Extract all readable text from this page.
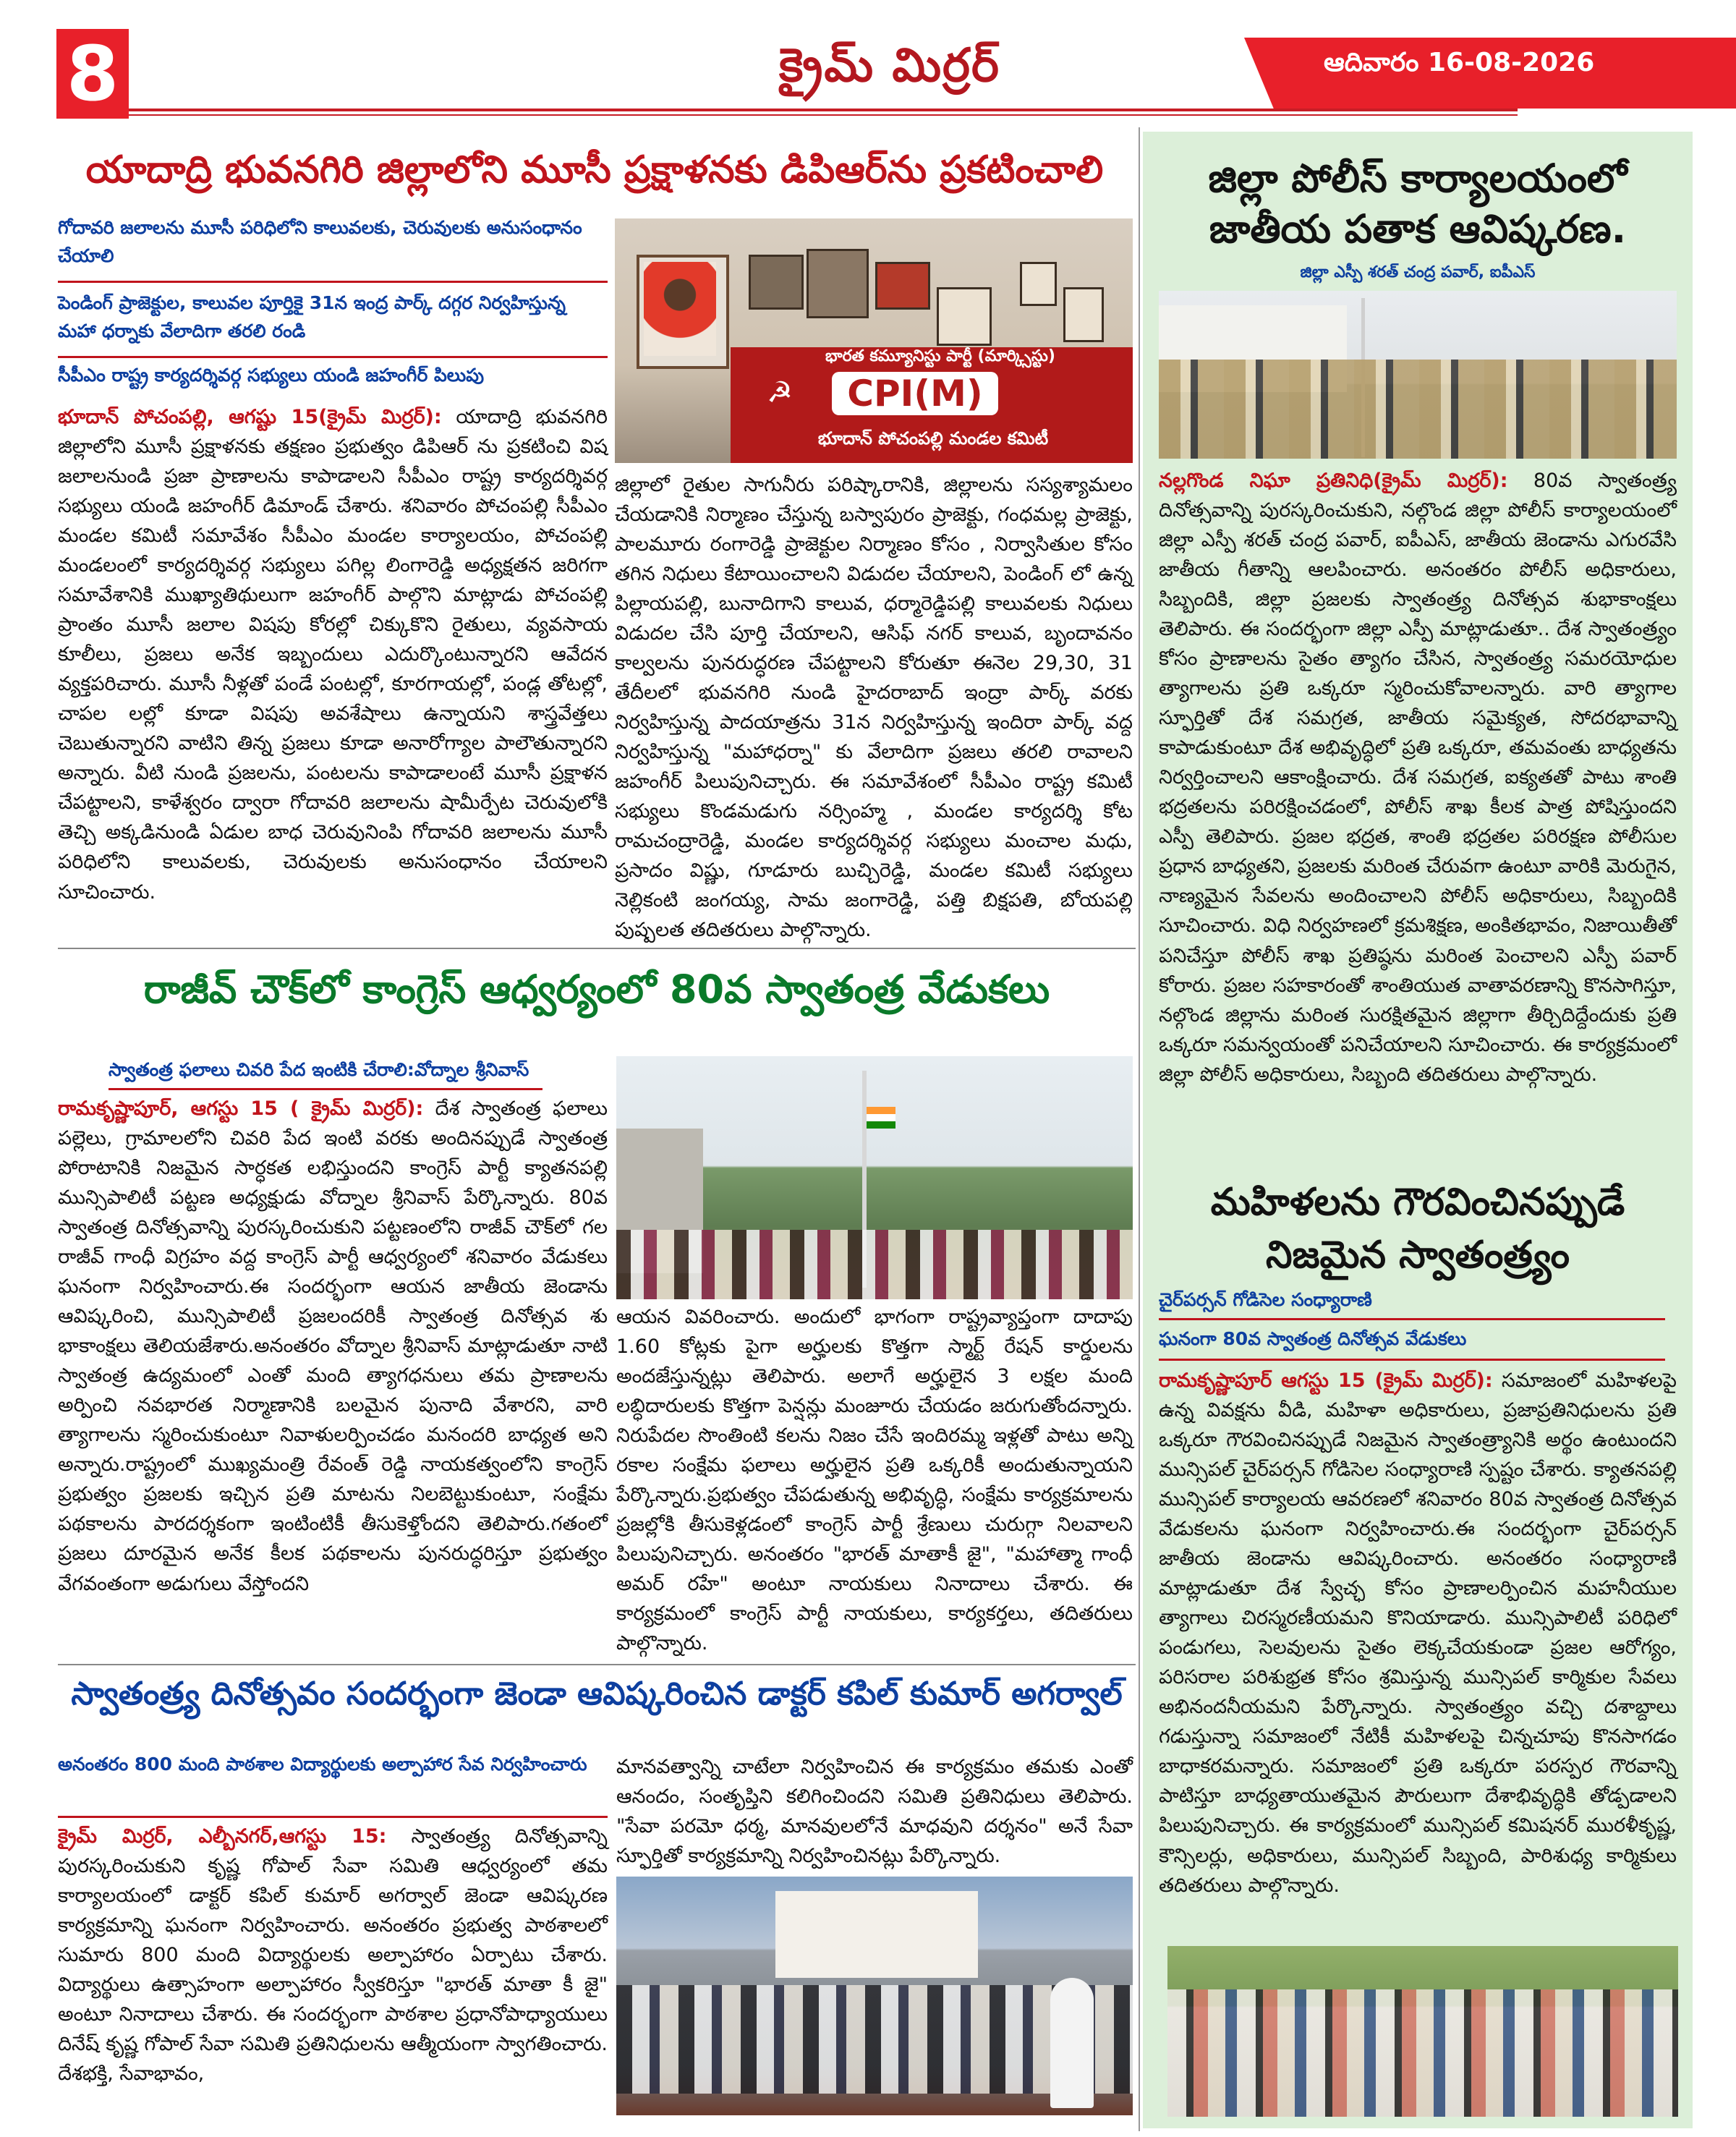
8	క్రైమ్ మిర్రర్	ఆదివారం 16-08-2026
యాదాద్రి భువనగిరి జిల్లాలోని మూసీ ప్రక్షాళనకు డిపిఆర్‌ను ప్రకటించాలి
గోదావరి జలాలను మూసీ పరిధిలోని కాలువలకు, చెరువులకు అనుసంధానం చేయాలి
పెండింగ్ ప్రాజెక్టుల, కాలువల పూర్తికై 31న ఇంద్ర పార్క్ దగ్గర నిర్వహిస్తున్న మహా ధర్నాకు వేలాదిగా తరలి రండి
సీపీఎం రాష్ట్ర కార్యదర్శివర్గ సభ్యులు యండి జహంగీర్ పిలుపు
భూదాన్ పోచంపల్లి, ఆగష్టు 15(క్రైమ్ మిర్రర్): యాదాద్రి భువనగిరి జిల్లాలోని మూసీ ప్రక్షాళనకు తక్షణం ప్రభుత్వం డిపిఆర్ ను ప్రకటించి విష జలాలనుండి ప్రజా ప్రాణాలను కాపాడాలని సీపీఎం రాష్ట్ర కార్యదర్శివర్గ సభ్యులు యండి జహంగీర్ డిమాండ్ చేశారు. శనివారం పోచంపల్లి సీపీఎం మండల కమిటీ సమావేశం సీపీఎం మండల కార్యాలయం, పోచంపల్లి మండలంలో కార్యదర్శివర్గ సభ్యులు పగిల్ల లింగారెడ్డి అధ్యక్షతన జరిగగా సమావేశానికి ముఖ్యాతిథులుగా జహంగీర్ పాల్గొని మాట్లాడు పోచంపల్లి ప్రాంతం మూసీ జలాల విషపు కోరల్లో చిక్కుకొని రైతులు, వ్యవసాయ కూలీలు, ప్రజలు అనేక ఇబ్బందులు ఎదుర్కొంటున్నారని ఆవేదన వ్యక్తపరిచారు. మూసీ నీళ్లతో పండే పంటల్లో, కూరగాయల్లో, పండ్ల తోటల్లో, చాపల లల్లో కూడా విషపు అవశేషాలు ఉన్నాయని శాస్త్రవేత్తలు చెబుతున్నారని వాటిని తిన్న ప్రజలు కూడా అనారోగ్యాల పాలౌతున్నారని అన్నారు. వీటి నుండి ప్రజలను, పంటలను కాపాడాలంటే మూసీ ప్రక్షాళన చేపట్టాలని, కాళేశ్వరం ద్వారా గోదావరి జలాలను షామీర్పేట చెరువులోకి తెచ్చి అక్కడినుండి ఏడుల బాధ చెరువునింపి గోదావరి జలాలను మూసీ పరిధిలోని కాలువలకు, చెరువులకు అనుసంధానం చేయాలని సూచించారు.
భారత కమ్యూనిస్టు పార్టీ (మార్క్సిస్టు)
CPI(M)
☭
భూదాన్ పోచంపల్లి మండల కమిటీ
జిల్లాలో రైతుల సాగునీరు పరిష్కారానికి, జిల్లాలను సస్యశ్యామలం చేయడానికి నిర్మాణం చేస్తున్న బస్వాపురం ప్రాజెక్టు, గంధమల్ల ప్రాజెక్టు, పాలమూరు రంగారెడ్డి ప్రాజెక్టుల నిర్మాణం కోసం , నిర్వాసితుల కోసం తగిన నిధులు కేటాయించాలని విడుదల చేయాలని, పెండింగ్ లో ఉన్న పిల్లాయపల్లి, బునాదిగాని కాలువ, ధర్మారెడ్డిపల్లి కాలువలకు నిధులు విడుదల చేసి పూర్తి చేయాలని, ఆసిఫ్ నగర్ కాలువ, బృందావనం కాల్వలను పునరుద్ధరణ చేపట్టాలని కోరుతూ ఈనెల 29,30, 31 తేదీలలో భువనగిరి నుండి హైదరాబాద్ ఇంద్రా పార్క్ వరకు నిర్వహిస్తున్న పాదయాత్రను 31న నిర్వహిస్తున్న ఇందిరా పార్క్ వద్ద నిర్వహిస్తున్న "మహాధర్నా" కు వేలాదిగా ప్రజలు తరలి రావాలని జహంగీర్ పిలుపునిచ్చారు. ఈ సమావేశంలో సీపీఎం రాష్ట్ర కమిటీ సభ్యులు కొండమడుగు నర్సింహ్మ , మండల కార్యదర్శి కోట రామచంద్రారెడ్డి, మండల కార్యదర్శివర్గ సభ్యులు మంచాల మధు, ప్రసాదం విష్ణు, గూడూరు బుచ్చిరెడ్డి, మండల కమిటీ సభ్యులు నెల్లికంటి జంగయ్య, సామ జంగారెడ్డి, పత్తి బిక్షపతి, బోయపల్లి పుష్పలత తదితరులు పాల్గొన్నారు.
రాజీవ్ చౌక్‌లో కాంగ్రెస్ ఆధ్వర్యంలో 80వ స్వాతంత్ర వేడుకలు
స్వాతంత్ర ఫలాలు చివరి పేద ఇంటికి చేరాలి:వోద్నాల శ్రీనివాస్
రామకృష్ణాపూర్, ఆగస్టు 15 ( క్రైమ్ మిర్రర్): దేశ స్వాతంత్ర ఫలాలు పల్లెలు, గ్రామాలలోని చివరి పేద ఇంటి వరకు అందినప్పుడే స్వాతంత్ర పోరాటానికి నిజమైన సార్ధకత లభిస్తుందని కాంగ్రెస్ పార్టీ క్యాతనపల్లి మున్సిపాలిటీ పట్టణ అధ్యక్షుడు వోద్నాల శ్రీనివాస్ పేర్కొన్నారు. 80వ స్వాతంత్ర దినోత్సవాన్ని పురస్కరించుకుని పట్టణంలోని రాజీవ్ చౌక్‌లో గల రాజీవ్ గాంధీ విగ్రహం వద్ద కాంగ్రెస్ పార్టీ ఆధ్వర్యంలో శనివారం వేడుకలు ఘనంగా నిర్వహించారు.ఈ సందర్భంగా ఆయన జాతీయ జెండాను ఆవిష్కరించి, మున్సిపాలిటీ ప్రజలందరికీ స్వాతంత్ర దినోత్సవ శు భాకాంక్షలు తెలియజేశారు.అనంతరం వోద్నాల శ్రీనివాస్ మాట్లాడుతూ నాటి స్వాతంత్ర ఉద్యమంలో ఎంతో మంది త్యాగధనులు తమ ప్రాణాలను అర్పించి నవభారత నిర్మాణానికి బలమైన పునాది వేశారని, వారి త్యాగాలను స్మరించుకుంటూ నివాళులర్పించడం మనందరి బాధ్యత అని అన్నారు.రాష్ట్రంలో ముఖ్యమంత్రి రేవంత్ రెడ్డి నాయకత్వంలోని కాంగ్రెస్ ప్రభుత్వం ప్రజలకు ఇచ్చిన ప్రతి మాటను నిలబెట్టుకుంటూ, సంక్షేమ పథకాలను పారదర్శకంగా ఇంటింటికీ తీసుకెళ్తోందని తెలిపారు.గతంలో ప్రజలు దూరమైన అనేక కీలక పథకాలను పునరుద్ధరిస్తూ ప్రభుత్వం వేగవంతంగా అడుగులు వేస్తోందని
ఆయన వివరించారు. అందులో భాగంగా రాష్ట్రవ్యాప్తంగా దాదాపు 1.60 కోట్లకు పైగా అర్హులకు కొత్తగా స్మార్ట్ రేషన్ కార్డులను అందజేస్తున్నట్లు తెలిపారు. అలాగే అర్హులైన 3 లక్షల మంది లబ్ధిదారులకు కొత్తగా పెన్షన్లు మంజూరు చేయడం జరుగుతోందన్నారు. నిరుపేదల సొంతింటి కలను నిజం చేసే ఇందిరమ్మ ఇళ్లతో పాటు అన్ని రకాల సంక్షేమ ఫలాలు అర్హులైన ప్రతి ఒక్కరికీ అందుతున్నాయని పేర్కొన్నారు.ప్రభుత్వం చేపడుతున్న అభివృద్ధి, సంక్షేమ కార్యక్రమాలను ప్రజల్లోకి తీసుకెళ్లడంలో కాంగ్రెస్ పార్టీ శ్రేణులు చురుగ్గా నిలవాలని పిలుపునిచ్చారు. అనంతరం "భారత్ మాతాకీ జై", "మహాత్మా గాంధీ అమర్ రహే" అంటూ నాయకులు నినాదాలు చేశారు. ఈ కార్యక్రమంలో కాంగ్రెస్ పార్టీ నాయకులు, కార్యకర్తలు, తదితరులు పాల్గొన్నారు.
స్వాతంత్ర్య దినోత్సవం సందర్భంగా జెండా ఆవిష్కరించిన డాక్టర్ కపిల్ కుమార్ అగర్వాల్
అనంతరం 800 మంది పాఠశాల విద్యార్థులకు అల్పాహార సేవ నిర్వహించారు
క్రైమ్ మిర్రర్, ఎల్బీనగర్,ఆగస్టు 15: స్వాతంత్ర్య దినోత్సవాన్ని పురస్కరించుకుని కృష్ణ గోపాల్ సేవా సమితి ఆధ్వర్యంలో తమ కార్యాలయంలో డాక్టర్ కపిల్ కుమార్ అగర్వాల్ జెండా ఆవిష్కరణ కార్యక్రమాన్ని ఘనంగా నిర్వహించారు. అనంతరం ప్రభుత్వ పాఠశాలలో సుమారు 800 మంది విద్యార్థులకు అల్పాహారం ఏర్పాటు చేశారు. విద్యార్థులు ఉత్సాహంగా అల్పాహారం స్వీకరిస్తూ "భారత్ మాతా కీ జై" అంటూ నినాదాలు చేశారు. ఈ సందర్భంగా పాఠశాల ప్రధానోపాధ్యాయులు దినేష్ కృష్ణ గోపాల్ సేవా సమితి ప్రతినిధులను ఆత్మీయంగా స్వాగతించారు. దేశభక్తి, సేవాభావం,
మానవత్వాన్ని చాటేలా నిర్వహించిన ఈ కార్యక్రమం తమకు ఎంతో ఆనందం, సంతృప్తిని కలిగించిందని సమితి ప్రతినిధులు తెలిపారు. "సేవా పరమో ధర్మ, మానవులలోనే మాధవుని దర్శనం" అనే సేవా స్ఫూర్తితో కార్యక్రమాన్ని నిర్వహించినట్లు పేర్కొన్నారు.
జిల్లా పోలీస్ కార్యాలయంలో జాతీయ పతాక ఆవిష్కరణ.
జిల్లా ఎస్పీ శరత్ చంద్ర పవార్, ఐపీఎస్
నల్లగొండ నిఘా ప్రతినిధి(క్రైమ్ మిర్రర్): 80వ స్వాతంత్ర్య దినోత్సవాన్ని పురస్కరించుకుని, నల్గొండ జిల్లా పోలీస్ కార్యాలయంలో జిల్లా ఎస్పీ శరత్ చంద్ర పవార్, ఐపీఎస్, జాతీయ జెండాను ఎగురవేసి జాతీయ గీతాన్ని ఆలపించారు. అనంతరం పోలీస్ అధికారులు, సిబ్బందికి, జిల్లా ప్రజలకు స్వాతంత్ర్య దినోత్సవ శుభాకాంక్షలు తెలిపారు. ఈ సందర్భంగా జిల్లా ఎస్పీ మాట్లాడుతూ.. దేశ స్వాతంత్ర్యం కోసం ప్రాణాలను సైతం త్యాగం చేసిన, స్వాతంత్ర్య సమరయోధుల త్యాగాలను ప్రతి ఒక్కరూ స్మరించుకోవాలన్నారు. వారి త్యాగాల స్ఫూర్తితో దేశ సమగ్రత, జాతీయ సమైక్యత, సోదరభావాన్ని కాపాడుకుంటూ దేశ అభివృద్ధిలో ప్రతి ఒక్కరూ, తమవంతు బాధ్యతను నిర్వర్తించాలని ఆకాంక్షించారు. దేశ సమగ్రత, ఐక్యతతో పాటు శాంతి భద్రతలను పరిరక్షించడంలో, పోలీస్ శాఖ కీలక పాత్ర పోషిస్తుందని ఎస్పీ తెలిపారు. ప్రజల భద్రత, శాంతి భద్రతల పరిరక్షణ పోలీసుల ప్రధాన బాధ్యతని, ప్రజలకు మరింత చేరువగా ఉంటూ వారికి మెరుగైన, నాణ్యమైన సేవలను అందించాలని పోలీస్ అధికారులు, సిబ్బందికి సూచించారు. విధి నిర్వహణలో క్రమశిక్షణ, అంకితభావం, నిజాయితీతో పనిచేస్తూ పోలీస్ శాఖ ప్రతిష్ఠను మరింత పెంచాలని ఎస్పీ పవార్ కోరారు. ప్రజల సహకారంతో శాంతియుత వాతావరణాన్ని కొనసాగిస్తూ, నల్గొండ జిల్లాను మరింత సురక్షితమైన జిల్లాగా తీర్చిదిద్దేందుకు ప్రతి ఒక్కరూ సమన్వయంతో పనిచేయాలని సూచించారు. ఈ కార్యక్రమంలో జిల్లా పోలీస్ అధికారులు, సిబ్బంది తదితరులు పాల్గొన్నారు.
మహిళలను గౌరవించినప్పుడే నిజమైన స్వాతంత్ర్యం
చైర్‌పర్సన్ గోడిసెల సంధ్యారాణి
ఘనంగా 80వ స్వాతంత్ర దినోత్సవ వేడుకలు
రామకృష్ణాపూర్ ఆగస్టు 15 (క్రైమ్ మిర్రర్): సమాజంలో మహిళలపై ఉన్న వివక్షను వీడి, మహిళా అధికారులు, ప్రజాప్రతినిధులను ప్రతి ఒక్కరూ గౌరవించినప్పుడే నిజమైన స్వాతంత్ర్యానికి అర్థం ఉంటుందని మున్సిపల్ చైర్‌పర్సన్ గోడిసెల సంధ్యారాణి స్పష్టం చేశారు. క్యాతనపల్లి మున్సిపల్ కార్యాలయ ఆవరణలో శనివారం 80వ స్వాతంత్ర దినోత్సవ వేడుకలను ఘనంగా నిర్వహించారు.ఈ సందర్భంగా చైర్‌పర్సన్ జాతీయ జెండాను ఆవిష్కరించారు. అనంతరం సంధ్యారాణి మాట్లాడుతూ దేశ స్వేచ్ఛ కోసం ప్రాణాలర్పించిన మహనీయుల త్యాగాలు చిరస్మరణీయమని కొనియాడారు. మున్సిపాలిటీ పరిధిలో పండుగలు, సెలవులను సైతం లెక్కచేయకుండా ప్రజల ఆరోగ్యం, పరిసరాల పరిశుభ్రత కోసం శ్రమిస్తున్న మున్సిపల్ కార్మికుల సేవలు అభినందనీయమని పేర్కొన్నారు. స్వాతంత్ర్యం వచ్చి దశాబ్దాలు గడుస్తున్నా సమాజంలో నేటికీ మహిళలపై చిన్నచూపు కొనసాగడం బాధాకరమన్నారు. సమాజంలో ప్రతి ఒక్కరూ పరస్పర గౌరవాన్ని పాటిస్తూ బాధ్యతాయుతమైన పౌరులుగా దేశాభివృద్ధికి తోడ్పడాలని పిలుపునిచ్చారు. ఈ కార్యక్రమంలో మున్సిపల్ కమిషనర్ మురళీకృష్ణ, కౌన్సిలర్లు, అధికారులు, మున్సిపల్ సిబ్బంది, పారిశుధ్య కార్మికులు తదితరులు పాల్గొన్నారు.
